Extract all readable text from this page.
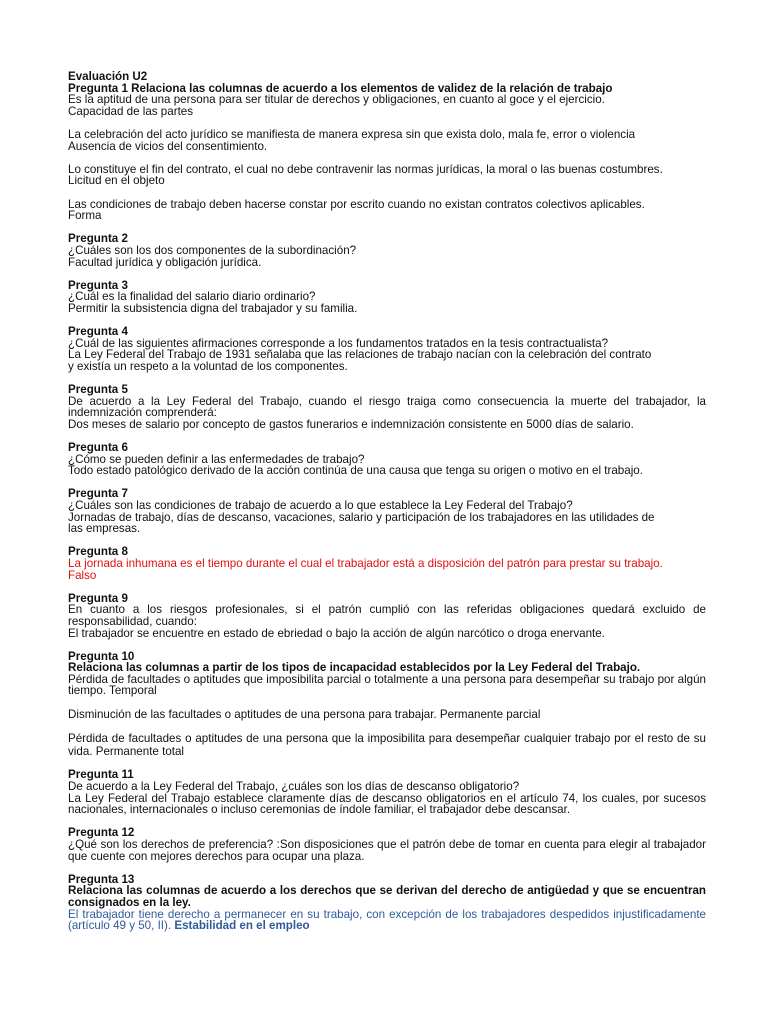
Evaluación U2
Pregunta 1 Relaciona las columnas de acuerdo a los elementos de validez de la relación de trabajo
Es la aptitud de una persona para ser titular de derechos y obligaciones, en cuanto al goce y el ejercicio.
Capacidad de las partes
La celebración del acto jurídico se manifiesta de manera expresa sin que exista dolo, mala fe, error o violencia
Ausencia de vicios del consentimiento.
Lo constituye el fin del contrato, el cual no debe contravenir las normas jurídicas, la moral o las buenas costumbres.
Licitud en el objeto
Las condiciones de trabajo deben hacerse constar por escrito cuando no existan contratos colectivos aplicables.
Forma
Pregunta 2
¿Cuáles son los dos componentes de la subordinación?
Facultad jurídica y obligación jurídica.
Pregunta 3
¿Cuál es la finalidad del salario diario ordinario?
Permitir la subsistencia digna del trabajador y su familia.
Pregunta 4
¿Cuál de las siguientes afirmaciones corresponde a los fundamentos tratados en la tesis contractualista?
La Ley Federal del Trabajo de 1931 señalaba que las relaciones de trabajo nacían con la celebración del contrato
y existía un respeto a la voluntad de los componentes.
Pregunta 5
De acuerdo a la Ley Federal del Trabajo, cuando el riesgo traiga como consecuencia la muerte del trabajador, la indemnización comprenderá:
Dos meses de salario por concepto de gastos funerarios e indemnización consistente en 5000 días de salario.
Pregunta 6
¿Cómo se pueden definir a las enfermedades de trabajo?
Todo estado patológico derivado de la acción continúa de una causa que tenga su origen o motivo en el trabajo.
Pregunta 7
¿Cuáles son las condiciones de trabajo de acuerdo a lo que establece la Ley Federal del Trabajo?
Jornadas de trabajo, días de descanso, vacaciones, salario y participación de los trabajadores en las utilidades de
las empresas.
Pregunta 8
La jornada inhumana es el tiempo durante el cual el trabajador está a disposición del patrón para prestar su trabajo.
Falso
Pregunta 9
En cuanto a los riesgos profesionales, si el patrón cumplió con las referidas obligaciones quedará excluido de responsabilidad, cuando:
El trabajador se encuentre en estado de ebriedad o bajo la acción de algún narcótico o droga enervante.
Pregunta 10
Relaciona las columnas a partir de los tipos de incapacidad establecidos por la Ley Federal del Trabajo.
Pérdida de facultades o aptitudes que imposibilita parcial o totalmente a una persona para desempeñar su trabajo por algún tiempo. Temporal
Disminución de las facultades o aptitudes de una persona para trabajar. Permanente parcial
Pérdida de facultades o aptitudes de una persona que la imposibilita para desempeñar cualquier trabajo por el resto de su vida. Permanente total
Pregunta 11
De acuerdo a la Ley Federal del Trabajo, ¿cuáles son los días de descanso obligatorio?
La Ley Federal del Trabajo establece claramente días de descanso obligatorios en el artículo 74, los cuales, por sucesos nacionales, internacionales o incluso ceremonias de índole familiar, el trabajador debe descansar.
Pregunta 12
¿Qué son los derechos de preferencia? :Son disposiciones que el patrón debe de tomar en cuenta para elegir al trabajador que cuente con mejores derechos para ocupar una plaza.
Pregunta 13
Relaciona las columnas de acuerdo a los derechos que se derivan del derecho de antigüedad y que se encuentran consignados en la ley.
El trabajador tiene derecho a permanecer en su trabajo, con excepción de los trabajadores despedidos injustificadamente (artículo 49 y 50, II). Estabilidad en el empleo
